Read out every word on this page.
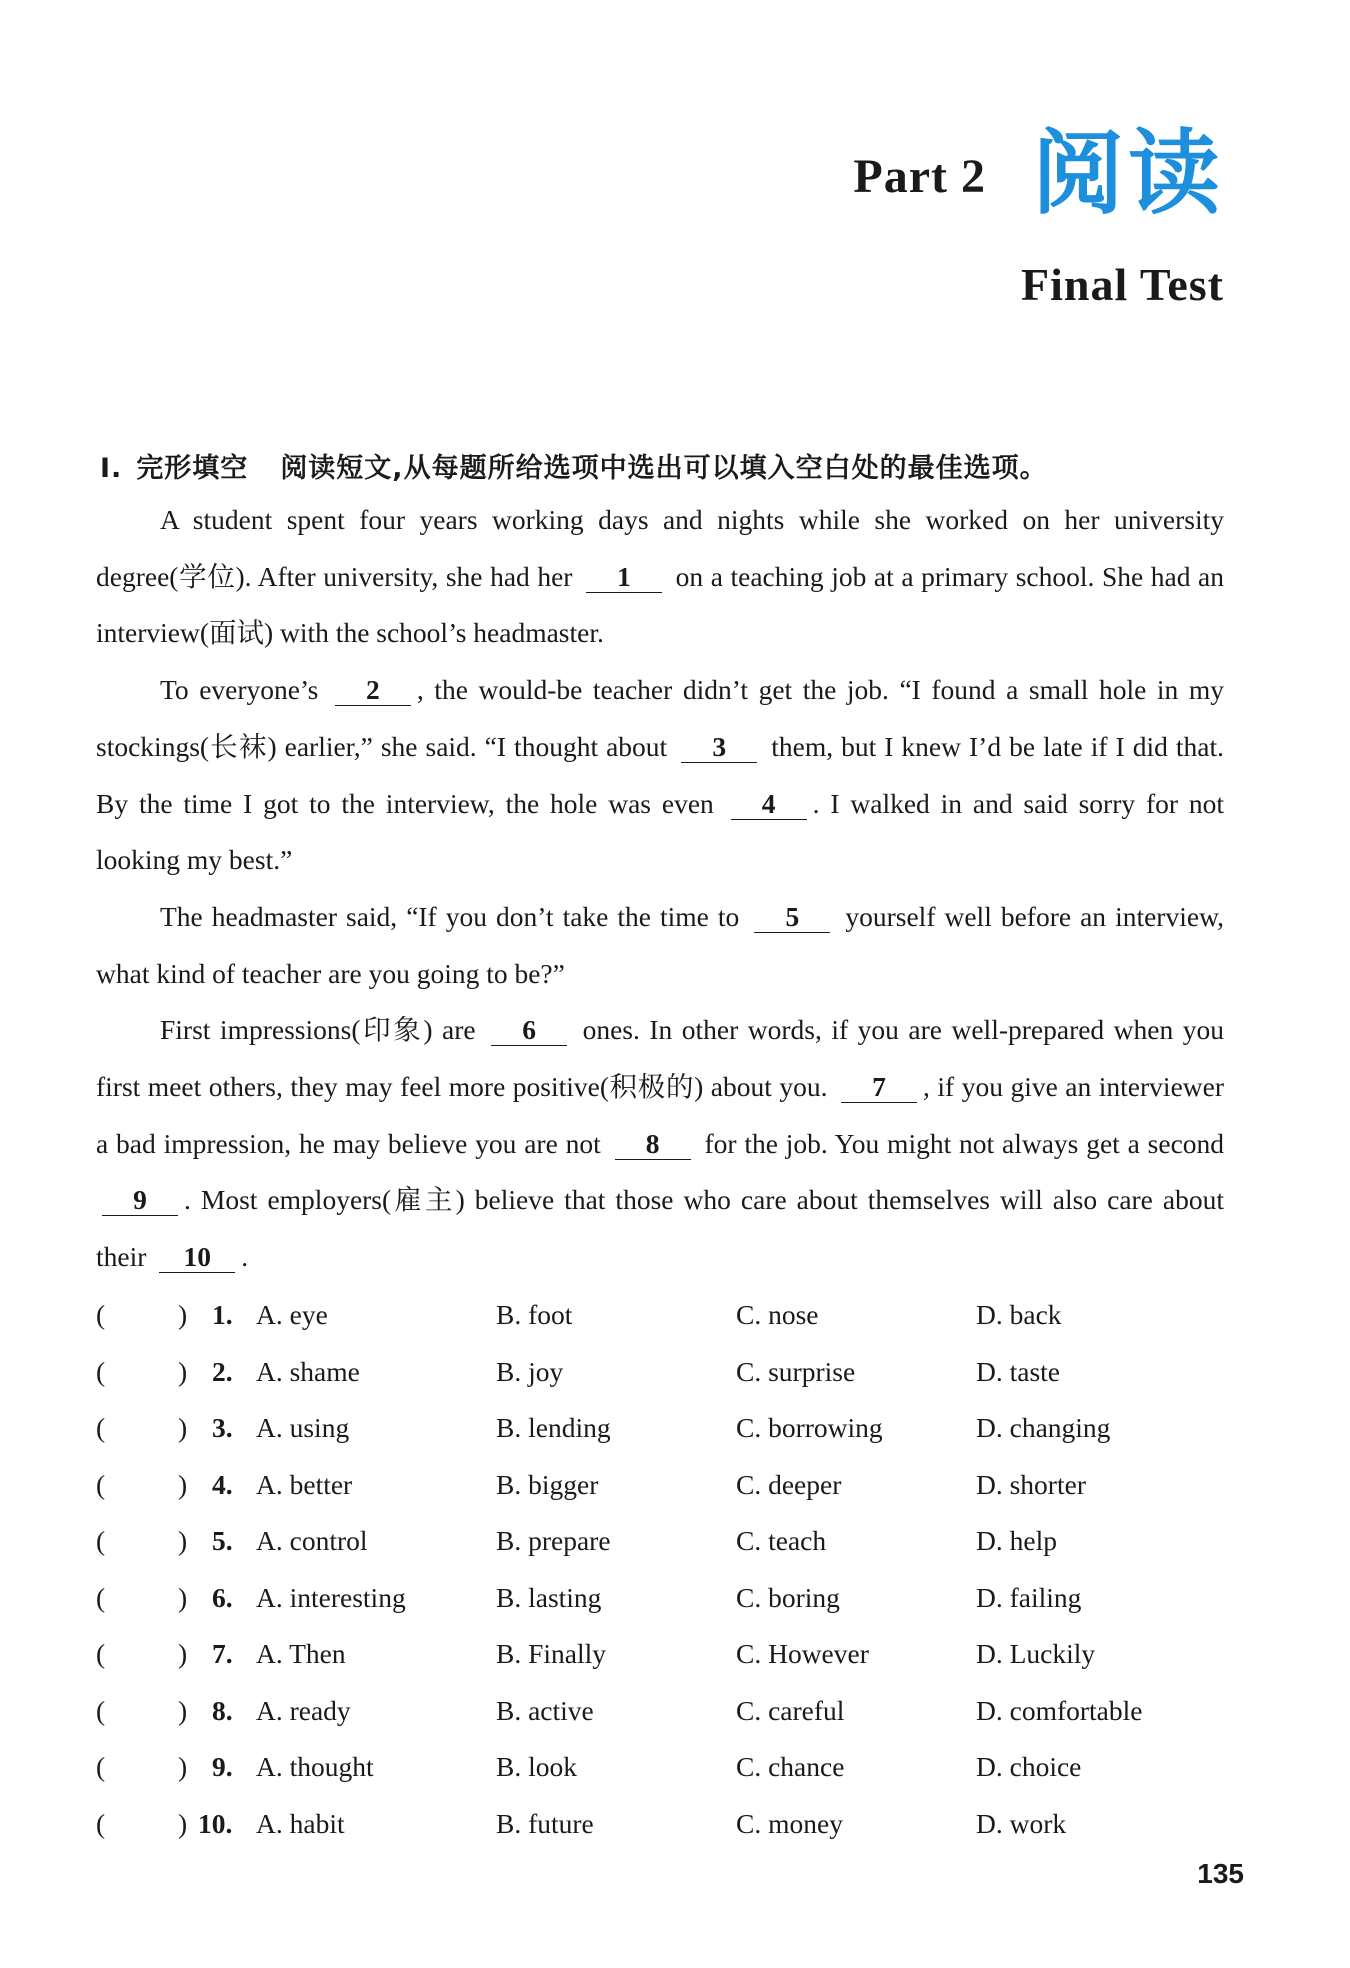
Part 2 阅读
Final Test
Ⅰ. 完形填空 阅读短文,从每题所给选项中选出可以填入空白处的最佳选项。

A student spent four years working days and nights while she worked on her university degree(学位). After university, she had her 1 on a teaching job at a primary school. She had an interview(面试) with the school’s headmaster.

To everyone’s 2 , the would-be teacher didn’t get the job. “I found a small hole in my stockings(长袜) earlier,” she said. “I thought about 3 them, but I knew I’d be late if I did that. By the time I got to the interview, the hole was even 4 . I walked in and said sorry for not looking my best.”

The headmaster said, “If you don’t take the time to 5 yourself well before an interview, what kind of teacher are you going to be?”

First impressions(印象) are 6 ones. In other words, if you are well-prepared when you first meet others, they may feel more positive(积极的) about you. 7 , if you give an interviewer a bad impression, he may believe you are not 8 for the job. You might not always get a second 9 . Most employers(雇主) believe that those who care about themselves will also care about their 10 .

(	) 1. A. eye	B. foot	C. nose	D. back
(	) 2. A. shame	B. joy	C. surprise	D. taste
(	) 3. A. using	B. lending	C. borrowing	D. changing
(	) 4. A. better	B. bigger	C. deeper	D. shorter
(	) 5. A. control	B. prepare	C. teach	D. help
(	) 6. A. interesting	B. lasting	C. boring	D. failing
(	) 7. A. Then	B. Finally	C. However	D. Luckily
(	) 8. A. ready	B. active	C. careful	D. comfortable
(	) 9. A. thought	B. look	C. chance	D. choice
(	) 10. A. habit	B. future	C. money	D. work
135
